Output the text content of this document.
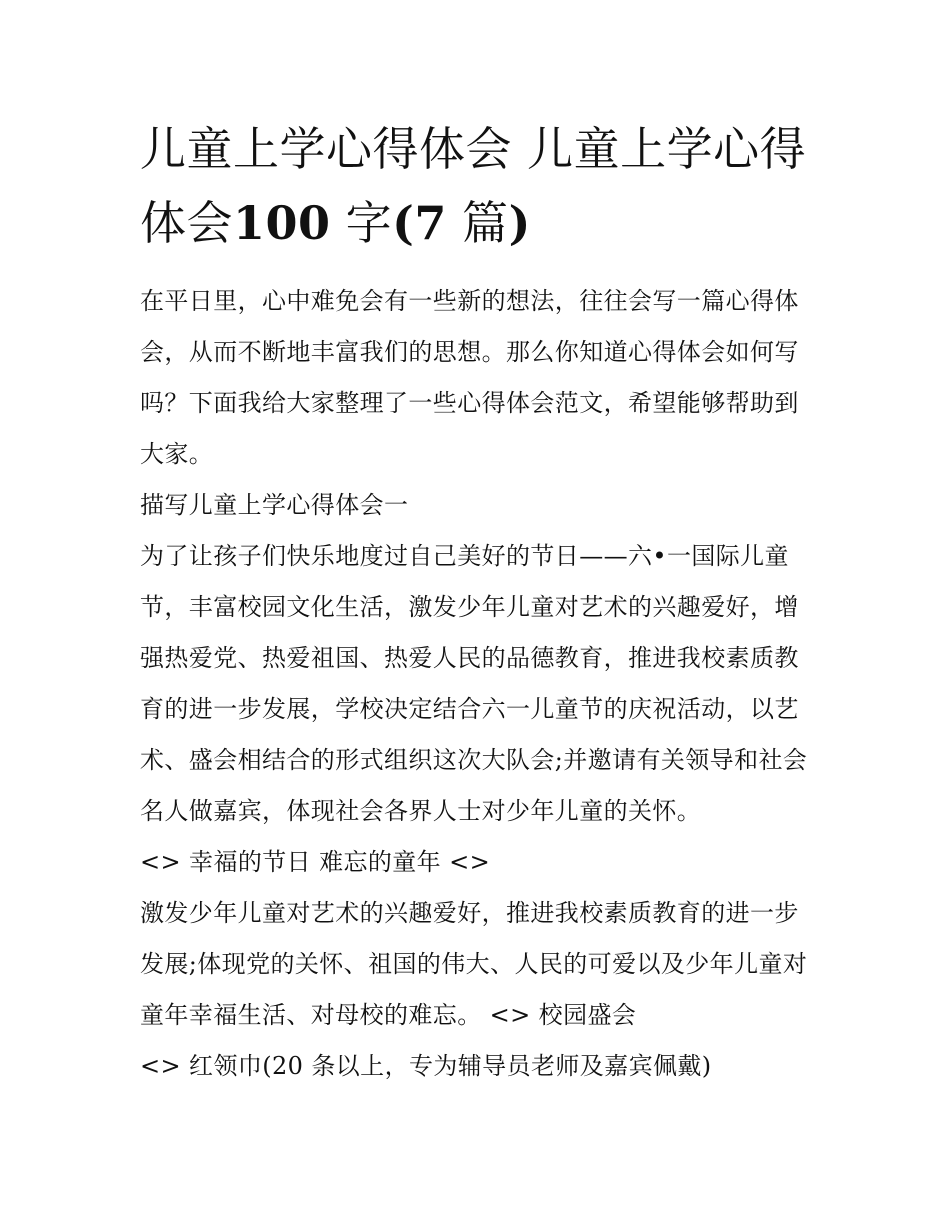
儿童上学心得体会 儿童上学心得体会100 字(7 篇)

在平日里，心中难免会有一些新的想法，往往会写一篇心得体会，从而不断地丰富我们的思想。那么你知道心得体会如何写吗？下面我给大家整理了一些心得体会范文，希望能够帮助到大家。

描写儿童上学心得体会一

为了让孩子们快乐地度过自己美好的节日——六•一国际儿童节，丰富校园文化生活，激发少年儿童对艺术的兴趣爱好，增强热爱党、热爱祖国、热爱人民的品德教育，推进我校素质教育的进一步发展，学校决定结合六一儿童节的庆祝活动，以艺术、盛会相结合的形式组织这次大队会;并邀请有关领导和社会名人做嘉宾，体现社会各界人士对少年儿童的关怀。

<> 幸福的节日 难忘的童年 <>

激发少年儿童对艺术的兴趣爱好，推进我校素质教育的进一步发展;体现党的关怀、祖国的伟大、人民的可爱以及少年儿童对童年幸福生活、对母校的难忘。 <> 校园盛会

<> 红领巾(20 条以上，专为辅导员老师及嘉宾佩戴)
